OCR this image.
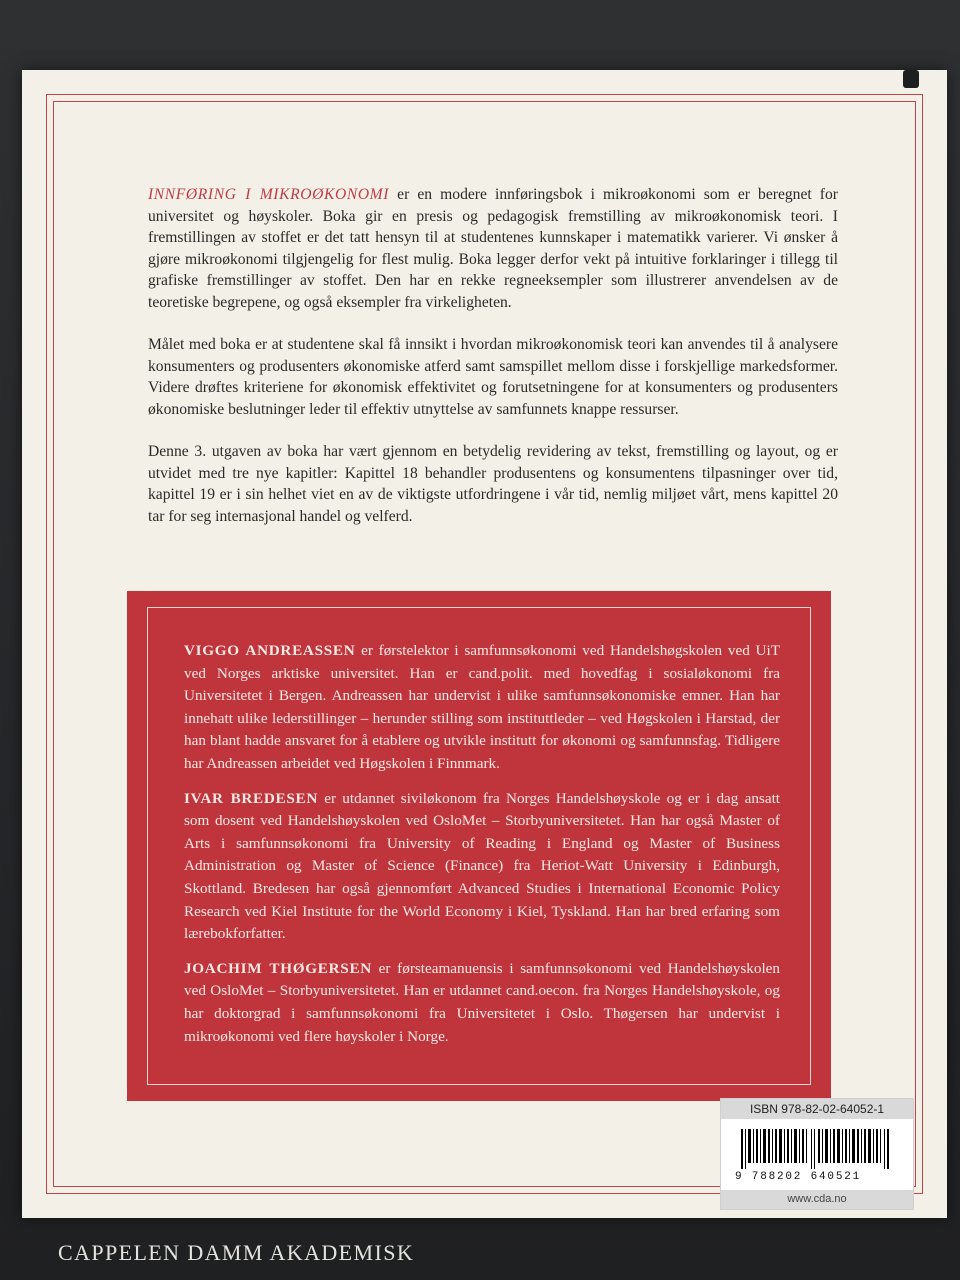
INNFØRING I MIKROØKONOMI er en modere innføringsbok i mikroøkonomi som er beregnet for universitet og høyskoler. Boka gir en presis og pedagogisk fremstilling av mikroøkonomisk teori. I fremstillingen av stoffet er det tatt hensyn til at studentenes kunnskaper i matematikk varierer. Vi ønsker å gjøre mikroøkonomi tilgjengelig for flest mulig. Boka legger derfor vekt på intuitive forklaringer i tillegg til grafiske fremstillinger av stoffet. Den har en rekke regneeksempler som illustrerer anvendelsen av de teoretiske begrepene, og også eksempler fra virkeligheten.

Målet med boka er at studentene skal få innsikt i hvordan mikroøkonomisk teori kan anvendes til å analysere konsumenters og produsenters økonomiske atferd samt samspillet mellom disse i forskjellige markedsformer. Videre drøftes kriteriene for økonomisk effektivitet og forutsetningene for at konsumenters og produsenters økonomiske beslutninger leder til effektiv utnyttelse av samfunnets knappe ressurser.

Denne 3. utgaven av boka har vært gjennom en betydelig revidering av tekst, fremstilling og layout, og er utvidet med tre nye kapitler: Kapittel 18 behandler produsentens og konsumentens tilpasninger over tid, kapittel 19 er i sin helhet viet en av de viktigste utfordringene i vår tid, nemlig miljøet vårt, mens kapittel 20 tar for seg internasjonal handel og velferd.

VIGGO ANDREASSEN er førstelektor i samfunnsøkonomi ved Handelshøgskolen ved UiT ved Norges arktiske universitet. Han er cand.polit. med hovedfag i sosialøkonomi fra Universitetet i Bergen. Andreassen har undervist i ulike samfunnsøkonomiske emner. Han har innehatt ulike lederstillinger – herunder stilling som instituttleder – ved Høgskolen i Harstad, der han blant hadde ansvaret for å etablere og utvikle institutt for økonomi og samfunnsfag. Tidligere har Andreassen arbeidet ved Høgskolen i Finnmark.

IVAR BREDESEN er utdannet siviløkonom fra Norges Handelshøyskole og er i dag ansatt som dosent ved Handelshøyskolen ved OsloMet – Storbyuniversitetet. Han har også Master of Arts i samfunnsøkonomi fra University of Reading i England og Master of Business Administration og Master of Science (Finance) fra Heriot-Watt University i Edinburgh, Skottland. Bredesen har også gjennomført Advanced Studies i International Economic Policy Research ved Kiel Institute for the World Economy i Kiel, Tyskland. Han har bred erfaring som lærebokforfatter.

JOACHIM THØGERSEN er førsteamanuensis i samfunnsøkonomi ved Handelshøyskolen ved OsloMet – Storbyuniversitetet. Han er utdannet cand.oecon. fra Norges Handelshøyskole, og har doktorgrad i samfunnsøkonomi fra Universitetet i Oslo. Thøgersen har undervist i mikroøkonomi ved flere høyskoler i Norge.

ISBN 978-82-02-64052-1
9 788202 640521
www.cda.no
CAPPELEN DAMM AKADEMISK
